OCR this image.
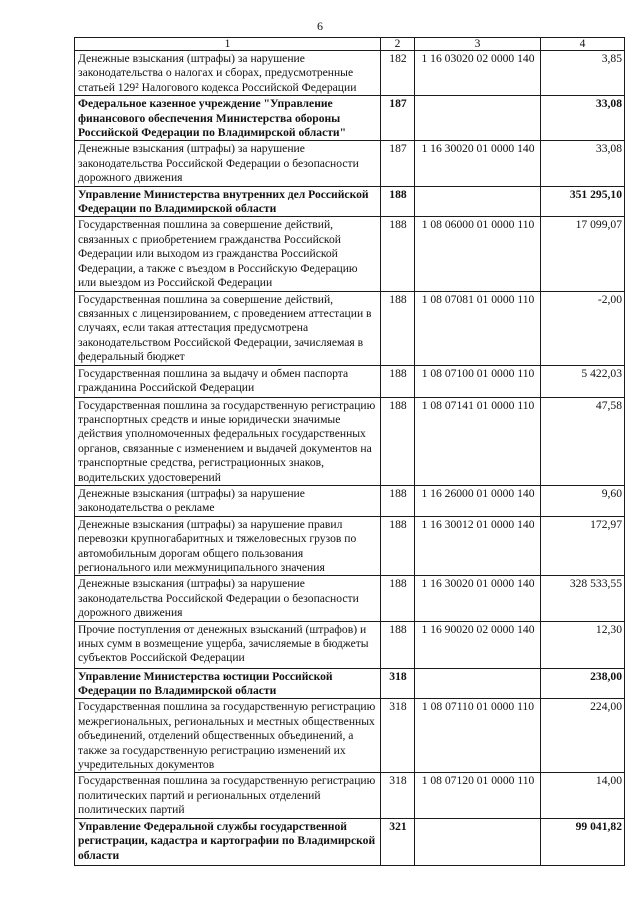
6
1	2	3	4
Денежные взыскания (штрафы) за нарушение законодательства о налогах и сборах, предусмотренные статьей 129² Налогового кодекса Российской Федерации	182	1 16 03020 02 0000 140	3,85
Федеральное казенное учреждение "Управление финансового обеспечения Министерства обороны Российской Федерации по Владимирской области"	187		33,08
Денежные взыскания (штрафы) за нарушение законодательства Российской Федерации о безопасности дорожного движения	187	1 16 30020 01 0000 140	33,08
Управление Министерства внутренних дел Российской Федерации по Владимирской области	188		351 295,10
Государственная пошлина за совершение действий, связанных с приобретением гражданства Российской Федерации или выходом из гражданства Российской Федерации, а также с въездом в Российскую Федерацию или выездом из Российской Федерации	188	1 08 06000 01 0000 110	17 099,07
Государственная пошлина за совершение действий, связанных с лицензированием, с проведением аттестации в случаях, если такая аттестация предусмотрена законодательством Российской Федерации, зачисляемая в федеральный бюджет	188	1 08 07081 01 0000 110	-2,00
Государственная пошлина за выдачу и обмен паспорта гражданина Российской Федерации	188	1 08 07100 01 0000 110	5 422,03
Государственная пошлина за государственную регистрацию транспортных средств и иные юридически значимые действия уполномоченных федеральных государственных органов, связанные с изменением и выдачей документов на транспортные средства, регистрационных знаков, водительских удостоверений	188	1 08 07141 01 0000 110	47,58
Денежные взыскания (штрафы) за нарушение законодательства о рекламе	188	1 16 26000 01 0000 140	9,60
Денежные взыскания (штрафы) за нарушение правил перевозки крупногабаритных и тяжеловесных грузов по автомобильным дорогам общего пользования регионального или межмуниципального значения	188	1 16 30012 01 0000 140	172,97
Денежные взыскания (штрафы) за нарушение законодательства Российской Федерации о безопасности дорожного движения	188	1 16 30020 01 0000 140	328 533,55
Прочие поступления от денежных взысканий (штрафов) и иных сумм в возмещение ущерба, зачисляемые в бюджеты субъектов Российской Федерации	188	1 16 90020 02 0000 140	12,30
Управление Министерства юстиции Российской Федерации по Владимирской области	318		238,00
Государственная пошлина за государственную регистрацию межрегиональных, региональных и местных общественных объединений, отделений общественных объединений, а также за государственную регистрацию изменений их учредительных документов	318	1 08 07110 01 0000 110	224,00
Государственная пошлина за государственную регистрацию политических партий и региональных отделений политических партий	318	1 08 07120 01 0000 110	14,00
Управление Федеральной службы государственной регистрации, кадастра и картографии по Владимирской области	321		99 041,82
